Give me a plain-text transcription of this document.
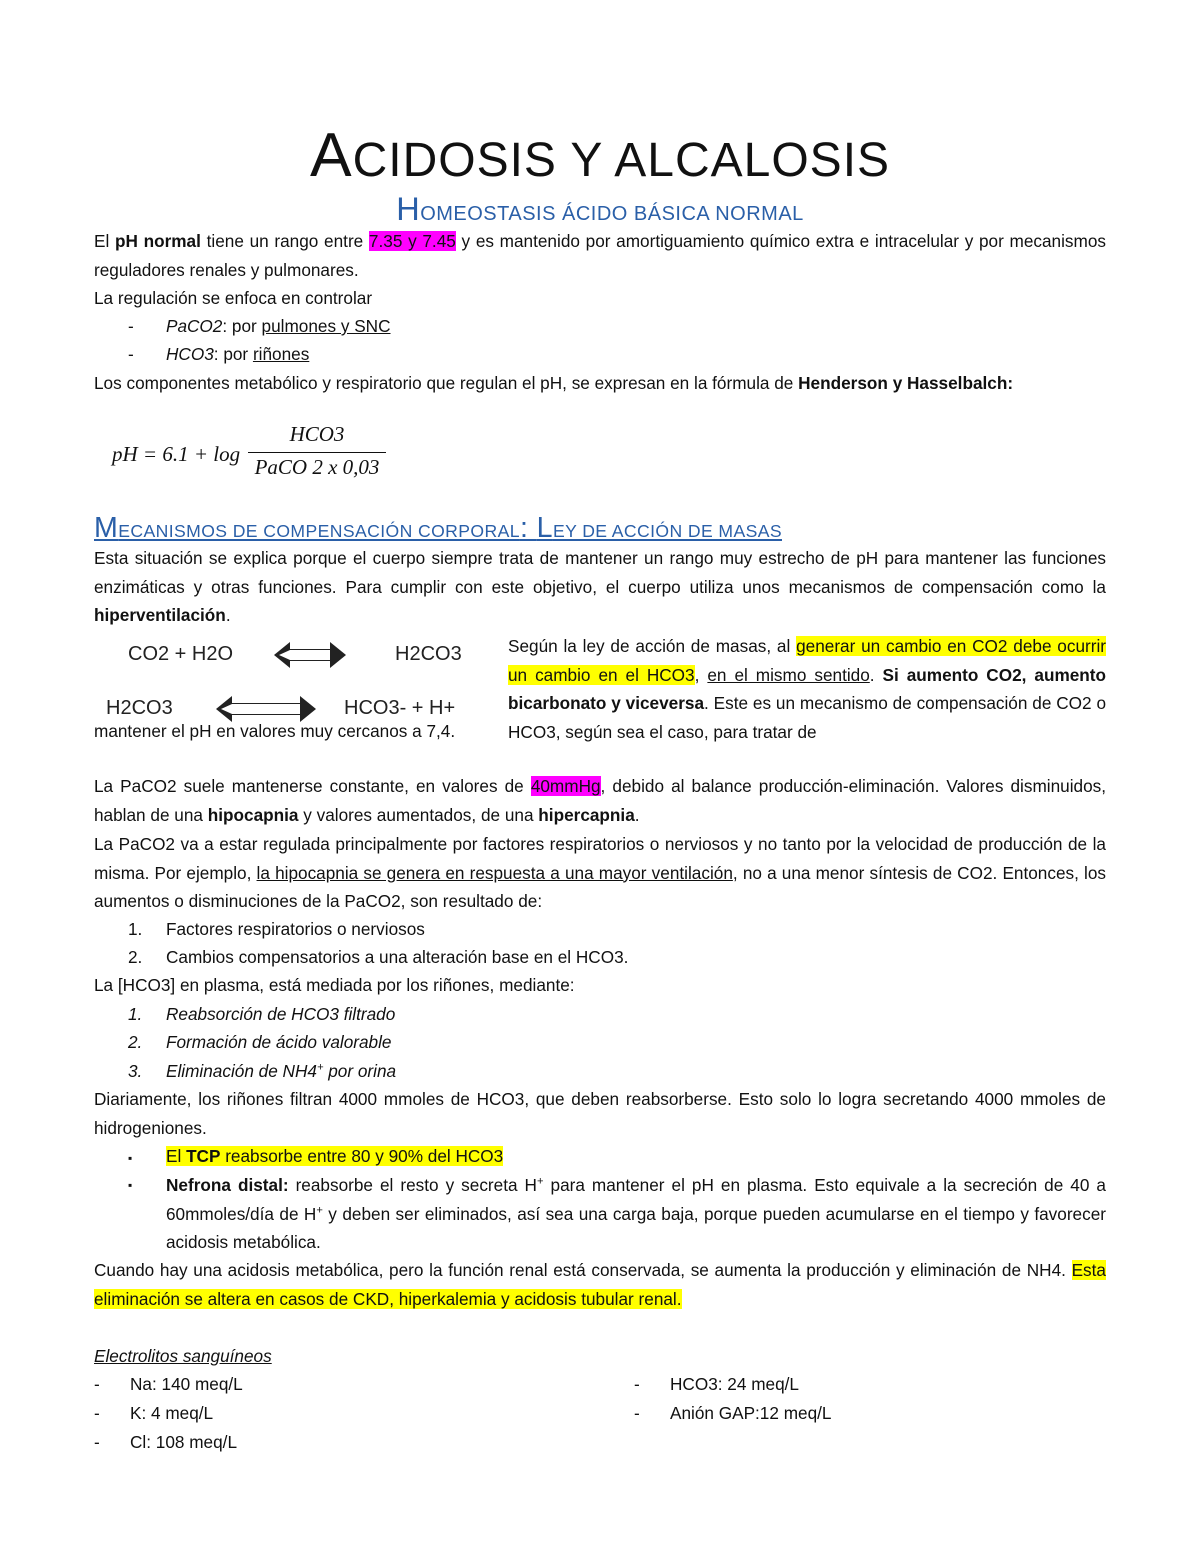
ACIDOSIS Y ALCALOSIS
HOMEOSTASIS ÁCIDO BÁSICA NORMAL

El pH normal tiene un rango entre 7.35 y 7.45 y es mantenido por amortiguamiento químico extra e intracelular y por mecanismos reguladores renales y pulmonares.

La regulación se enfoca en controlar

- PaCO2: por pulmones y SNC
- HCO3: por riñones

Los componentes metabólico y respiratorio que regulan el pH, se expresan en la fórmula de Henderson y Hasselbalch:

pH = 6.1 + log
HCO3
PaCO 2 x 0,03
MECANISMOS DE COMPENSACIÓN CORPORAL: LEY DE ACCIÓN DE MASAS

Esta situación se explica porque el cuerpo siempre trata de mantener un rango muy estrecho de pH para mantener las funciones enzimáticas y otras funciones. Para cumplir con este objetivo, el cuerpo utiliza unos mecanismos de compensación como la hiperventilación.

CO2 + H2O	H2CO3
H2CO3	HCO3- + H+

Según la ley de acción de masas, al generar un cambio en CO2 debe ocurrir un cambio en el HCO3, en el mismo sentido. Si aumento CO2, aumento bicarbonato y viceversa. Este es un mecanismo de compensación de CO2 o HCO3, según sea el caso, para tratar de

mantener el pH en valores muy cercanos a 7,4.

La PaCO2 suele mantenerse constante, en valores de 40mmHg, debido al balance producción-eliminación. Valores disminuidos, hablan de una hipocapnia y valores aumentados, de una hipercapnia.

La PaCO2 va a estar regulada principalmente por factores respiratorios o nerviosos y no tanto por la velocidad de producción de la misma. Por ejemplo, la hipocapnia se genera en respuesta a una mayor ventilación, no a una menor síntesis de CO2. Entonces, los aumentos o disminuciones de la PaCO2, son resultado de:

1. Factores respiratorios o nerviosos
2. Cambios compensatorios a una alteración base en el HCO3.

La [HCO3] en plasma, está mediada por los riñones, mediante:

1. Reabsorción de HCO3 filtrado
2. Formación de ácido valorable
3. Eliminación de NH4+ por orina

Diariamente, los riñones filtran 4000 mmoles de HCO3, que deben reabsorberse. Esto solo lo logra secretando 4000 mmoles de hidrogeniones.

▪ El TCP reabsorbe entre 80 y 90% del HCO3
▪ Nefrona distal: reabsorbe el resto y secreta H+ para mantener el pH en plasma. Esto equivale a la secreción de 40 a 60mmoles/día de H+ y deben ser eliminados, así sea una carga baja, porque pueden acumularse en el tiempo y favorecer acidosis metabólica.

Cuando hay una acidosis metabólica, pero la función renal está conservada, se aumenta la producción y eliminación de NH4. Esta eliminación se altera en casos de CKD, hiperkalemia y acidosis tubular renal.

Electrolitos sanguíneos
- Na: 140 meq/L
- K: 4 meq/L
- Cl: 108 meq/L
- HCO3: 24 meq/L
- Anión GAP:12 meq/L
